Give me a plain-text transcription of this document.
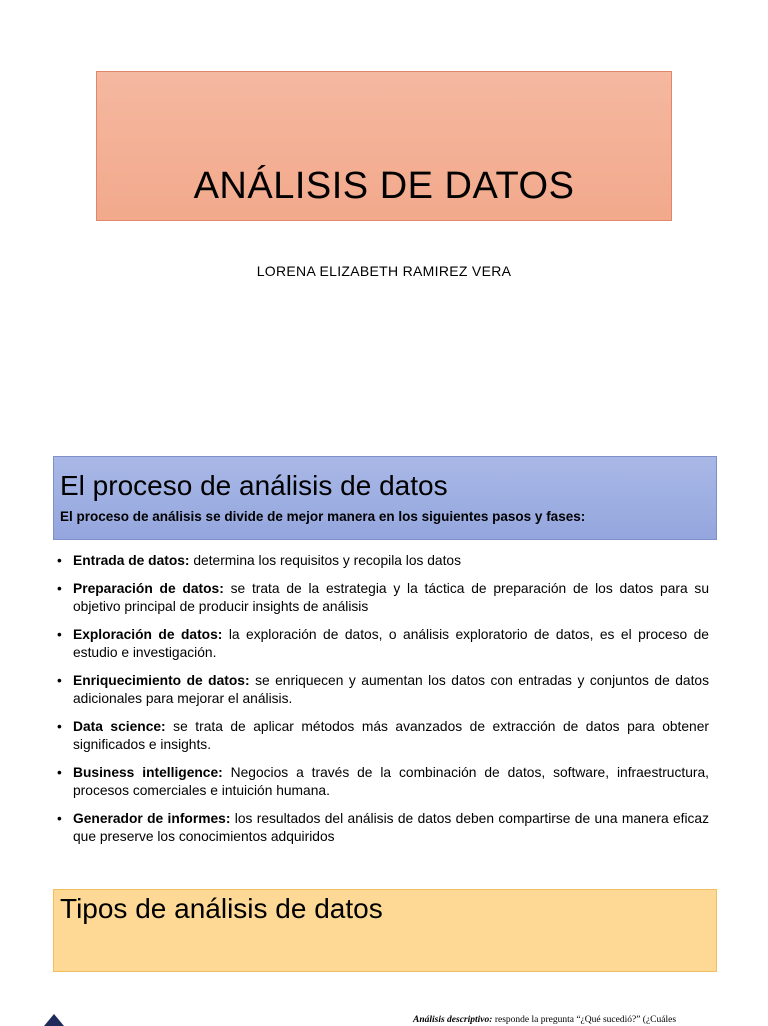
ANÁLISIS DE DATOS
LORENA ELIZABETH RAMIREZ VERA
El proceso de análisis de datos
El proceso de análisis se divide de mejor manera en los siguientes pasos y fases:
• Entrada de datos: determina los requisitos y recopila los datos
• Preparación de datos: se trata de la estrategia y la táctica de preparación de los datos para su objetivo principal de producir insights de análisis
• Exploración de datos: la exploración de datos, o análisis exploratorio de datos, es el proceso de estudio e investigación.
• Enriquecimiento de datos: se enriquecen y aumentan los datos con entradas y conjuntos de datos adicionales para mejorar el análisis.
• Data science: se trata de aplicar métodos más avanzados de extracción de datos para obtener significados e insights.
• Business intelligence: Negocios a través de la combinación de datos, software, infraestructura, procesos comerciales e intuición humana.
• Generador de informes: los resultados del análisis de datos deben compartirse de una manera eficaz que preserve los conocimientos adquiridos
Tipos de análisis de datos
Análisis descriptivo: responde la pregunta “¿Qué sucedió?” (¿Cuáles
